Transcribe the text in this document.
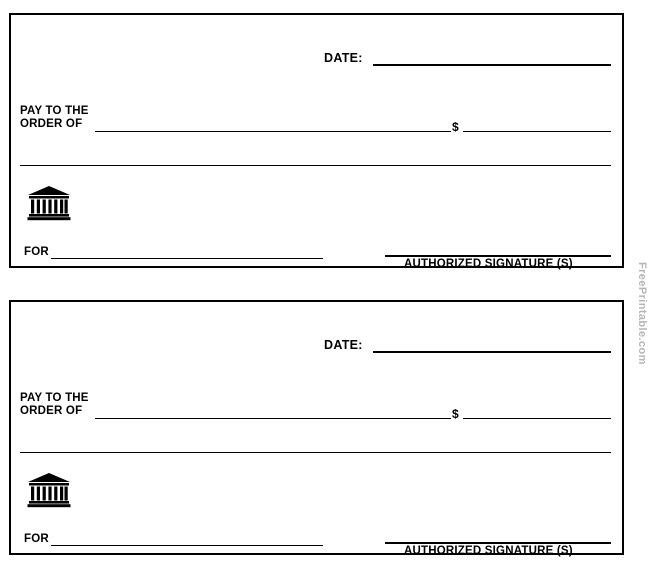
DATE:
PAY TO THE
ORDER OF	$
FOR
AUTHORIZED SIGNATURE (S)
DATE:
PAY TO THE
ORDER OF	$
FOR
AUTHORIZED SIGNATURE (S)
FreePrintable.com
